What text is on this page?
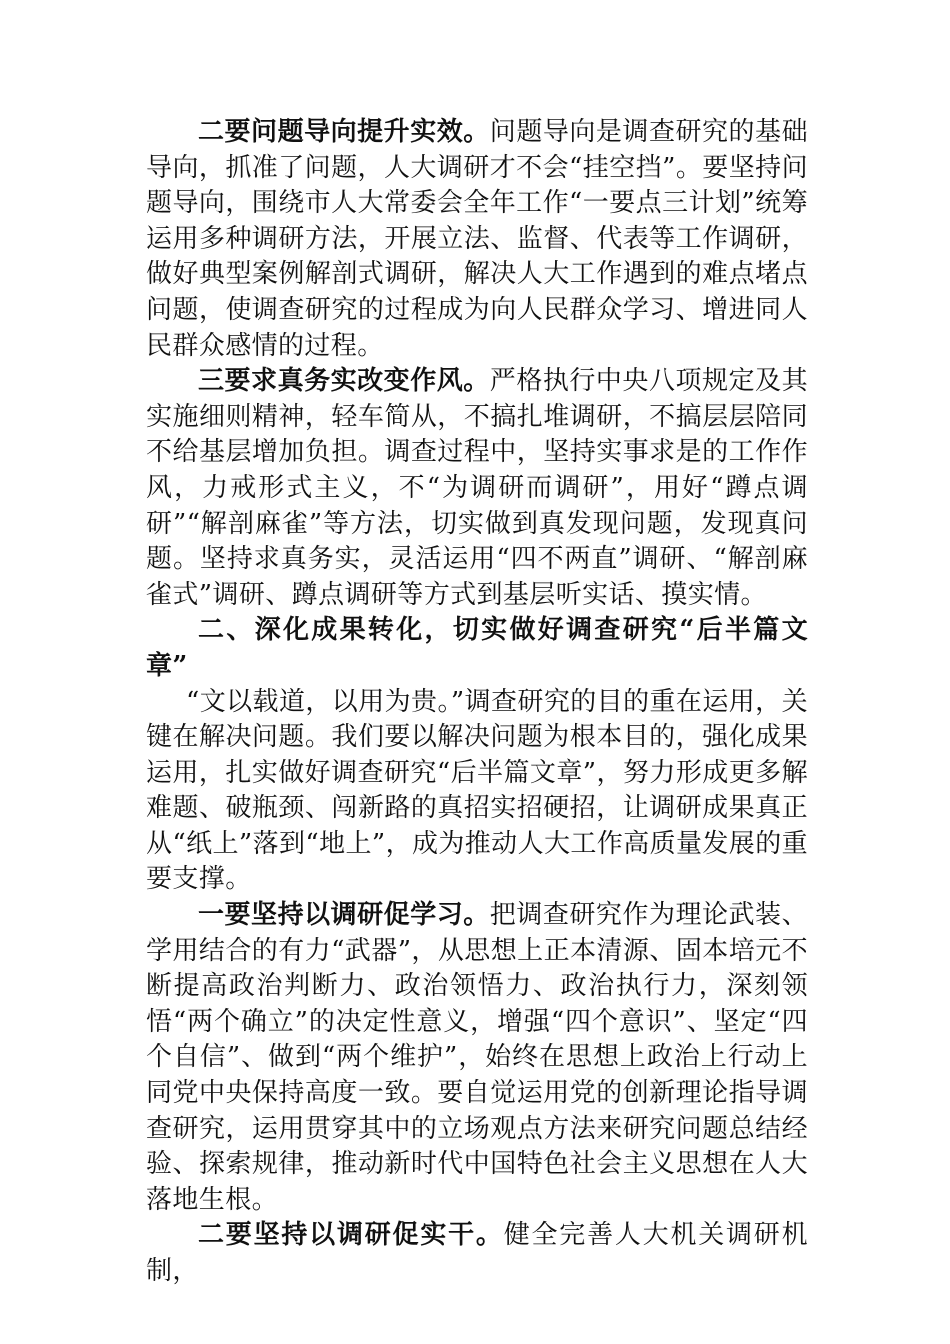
二要问题导向提升实效。问题导向是调查研究的基础导向，抓准了问题，人大调研才不会“挂空挡”。要坚持问题导向，围绕市人大常委会全年工作“一要点三计划”统筹运用多种调研方法，开展立法、监督、代表等工作调研，做好典型案例解剖式调研，解决人大工作遇到的难点堵点问题，使调查研究的过程成为向人民群众学习、增进同人民群众感情的过程。

三要求真务实改变作风。严格执行中央八项规定及其实施细则精神，轻车简从，不搞扎堆调研，不搞层层陪同不给基层增加负担。调查过程中，坚持实事求是的工作作风，力戒形式主义，不“为调研而调研”，用好“蹲点调研”“解剖麻雀”等方法，切实做到真发现问题，发现真问题。坚持求真务实，灵活运用“四不两直”调研、“解剖麻雀式”调研、蹲点调研等方式到基层听实话、摸实情。

二、深化成果转化，切实做好调查研究“后半篇文章”

“文以载道，以用为贵。”调查研究的目的重在运用，关键在解决问题。我们要以解决问题为根本目的，强化成果运用，扎实做好调查研究“后半篇文章”，努力形成更多解难题、破瓶颈、闯新路的真招实招硬招，让调研成果真正从“纸上”落到“地上”，成为推动人大工作高质量发展的重要支撑。

一要坚持以调研促学习。把调查研究作为理论武装、学用结合的有力“武器”，从思想上正本清源、固本培元不断提高政治判断力、政治领悟力、政治执行力，深刻领悟“两个确立”的决定性意义，增强“四个意识”、坚定“四个自信”、做到“两个维护”，始终在思想上政治上行动上同党中央保持高度一致。要自觉运用党的创新理论指导调查研究，运用贯穿其中的立场观点方法来研究问题总结经验、探索规律，推动新时代中国特色社会主义思想在人大落地生根。

二要坚持以调研促实干。健全完善人大机关调研机制，
